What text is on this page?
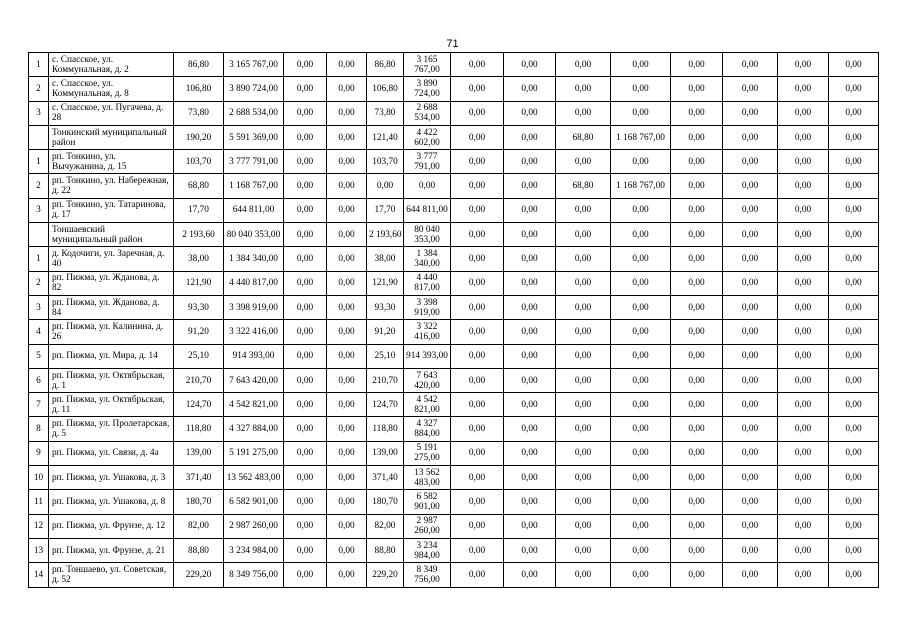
71
1	с. Спасское, ул. Коммунальная, д. 2	86,80	3 165 767,00	0,00	0,00	86,80	3 165 767,00	0,00	0,00	0,00	0,00	0,00	0,00	0,00	0,00
2	с. Спасское, ул. Коммунальная, д. 8	106,80	3 890 724,00	0,00	0,00	106,80	3 890 724,00	0,00	0,00	0,00	0,00	0,00	0,00	0,00	0,00
3	с. Спасское, ул. Пугачева, д. 28	73,80	2 688 534,00	0,00	0,00	73,80	2 688 534,00	0,00	0,00	0,00	0,00	0,00	0,00	0,00	0,00
	Тонкинский муниципальный район	190,20	5 591 369,00	0,00	0,00	121,40	4 422 602,00	0,00	0,00	68,80	1 168 767,00	0,00	0,00	0,00	0,00
1	рп. Тонкино, ул. Вычужанина, д. 15	103,70	3 777 791,00	0,00	0,00	103,70	3 777 791,00	0,00	0,00	0,00	0,00	0,00	0,00	0,00	0,00
2	рп. Тонкино, ул. Набережная, д. 22	68,80	1 168 767,00	0,00	0,00	0,00	0,00	0,00	0,00	68,80	1 168 767,00	0,00	0,00	0,00	0,00
3	рп. Тонкино, ул. Татаринова, д. 17	17,70	644 811,00	0,00	0,00	17,70	644 811,00	0,00	0,00	0,00	0,00	0,00	0,00	0,00	0,00
	Тоншаевский муниципальный район	2 193,60	80 040 353,00	0,00	0,00	2 193,60	80 040 353,00	0,00	0,00	0,00	0,00	0,00	0,00	0,00	0,00
1	д. Кодочиги, ул. Заречная, д. 40	38,00	1 384 340,00	0,00	0,00	38,00	1 384 340,00	0,00	0,00	0,00	0,00	0,00	0,00	0,00	0,00
2	рп. Пижма, ул. Жданова, д. 82	121,90	4 440 817,00	0,00	0,00	121,90	4 440 817,00	0,00	0,00	0,00	0,00	0,00	0,00	0,00	0,00
3	рп. Пижма, ул. Жданова, д. 84	93,30	3 398 919,00	0,00	0,00	93,30	3 398 919,00	0,00	0,00	0,00	0,00	0,00	0,00	0,00	0,00
4	рп. Пижма, ул. Калинина, д. 26	91,20	3 322 416,00	0,00	0,00	91,20	3 322 416,00	0,00	0,00	0,00	0,00	0,00	0,00	0,00	0,00
5	рп. Пижма, ул. Мира, д. 14	25,10	914 393,00	0,00	0,00	25,10	914 393,00	0,00	0,00	0,00	0,00	0,00	0,00	0,00	0,00
6	рп. Пижма, ул. Октябрьская, д. 1	210,70	7 643 420,00	0,00	0,00	210,70	7 643 420,00	0,00	0,00	0,00	0,00	0,00	0,00	0,00	0,00
7	рп. Пижма, ул. Октябрьская, д. 11	124,70	4 542 821,00	0,00	0,00	124,70	4 542 821,00	0,00	0,00	0,00	0,00	0,00	0,00	0,00	0,00
8	рп. Пижма, ул. Пролетарская, д. 5	118,80	4 327 884,00	0,00	0,00	118,80	4 327 884,00	0,00	0,00	0,00	0,00	0,00	0,00	0,00	0,00
9	рп. Пижма, ул. Связи, д. 4а	139,00	5 191 275,00	0,00	0,00	139,00	5 191 275,00	0,00	0,00	0,00	0,00	0,00	0,00	0,00	0,00
10	рп. Пижма, ул. Ушакова, д. 3	371,40	13 562 483,00	0,00	0,00	371,40	13 562 483,00	0,00	0,00	0,00	0,00	0,00	0,00	0,00	0,00
11	рп. Пижма, ул. Ушакова, д. 8	180,70	6 582 901,00	0,00	0,00	180,70	6 582 901,00	0,00	0,00	0,00	0,00	0,00	0,00	0,00	0,00
12	рп. Пижма, ул. Фрунзе, д. 12	82,00	2 987 260,00	0,00	0,00	82,00	2 987 260,00	0,00	0,00	0,00	0,00	0,00	0,00	0,00	0,00
13	рп. Пижма, ул. Фрунзе, д. 21	88,80	3 234 984,00	0,00	0,00	88,80	3 234 984,00	0,00	0,00	0,00	0,00	0,00	0,00	0,00	0,00
14	рп. Тоншаево, ул. Советская, д. 52	229,20	8 349 756,00	0,00	0,00	229,20	8 349 756,00	0,00	0,00	0,00	0,00	0,00	0,00	0,00	0,00
